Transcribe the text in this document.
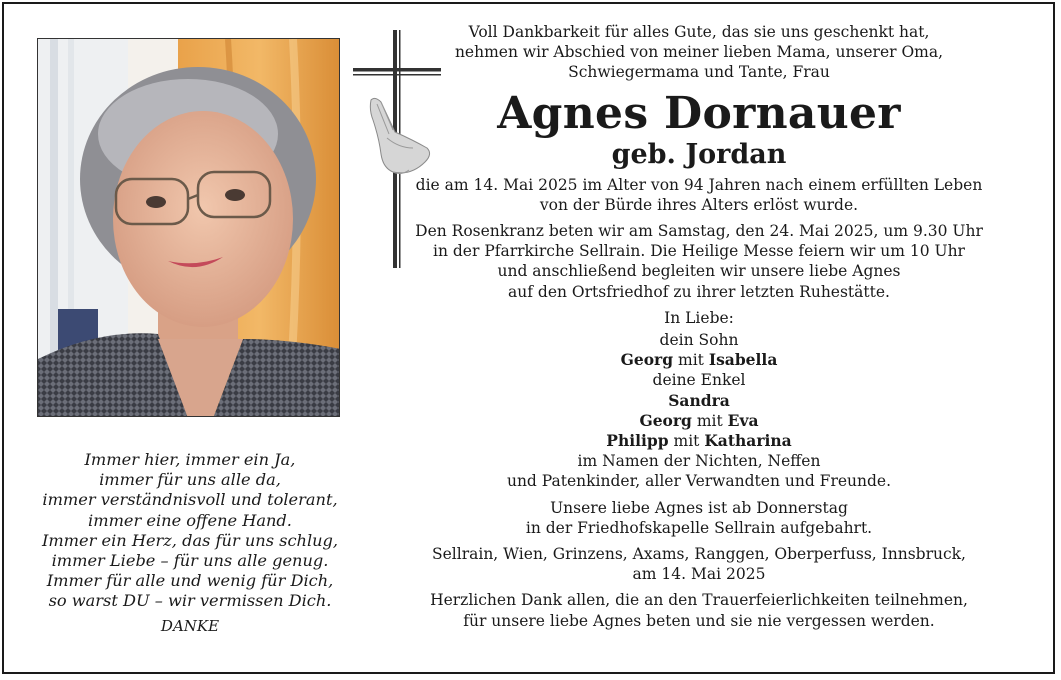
Immer hier, immer ein Ja,
immer für uns alle da,
immer verständnisvoll und tolerant,
immer eine offene Hand.
Immer ein Herz, das für uns schlug,
immer Liebe – für uns alle genug.
Immer für alle und wenig für Dich,
so warst DU – wir vermissen Dich.
DANKE
Voll Dankbarkeit für alles Gute, das sie uns geschenkt hat,
nehmen wir Abschied von meiner lieben Mama, unserer Oma,
Schwiegermama und Tante, Frau
Agnes Dornauer
geb. Jordan
die am 14. Mai 2025 im Alter von 94 Jahren nach einem erfüllten Leben
von der Bürde ihres Alters erlöst wurde.
Den Rosenkranz beten wir am Samstag, den 24. Mai 2025, um 9.30 Uhr
in der Pfarrkirche Sellrain. Die Heilige Messe feiern wir um 10 Uhr
und anschließend begleiten wir unsere liebe Agnes
auf den Ortsfriedhof zu ihrer letzten Ruhestätte.
In Liebe:
dein Sohn
Georg mit Isabella
deine Enkel
Sandra
Georg mit Eva
Philipp mit Katharina
im Namen der Nichten, Neffen
und Patenkinder, aller Verwandten und Freunde.
Unsere liebe Agnes ist ab Donnerstag
in der Friedhofskapelle Sellrain aufgebahrt.
Sellrain, Wien, Grinzens, Axams, Ranggen, Oberperfuss, Innsbruck,
am 14. Mai 2025
Herzlichen Dank allen, die an den Trauerfeierlichkeiten teilnehmen,
für unsere liebe Agnes beten und sie nie vergessen werden.
